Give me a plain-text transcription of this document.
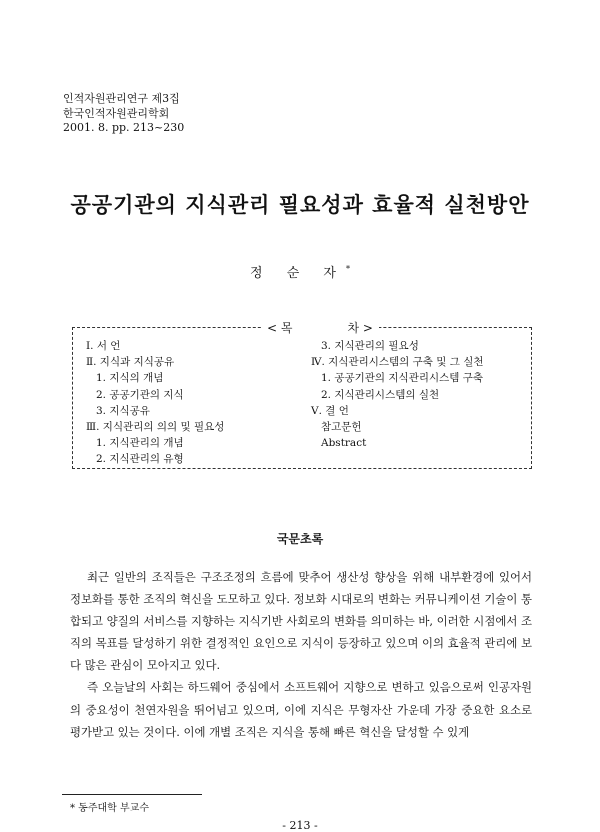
인적자원관리연구 제3집
한국인적자원관리학회
2001. 8. pp. 213~230
공공기관의 지식관리 필요성과 효율적 실천방안
정 순 자*
< 목	차 >
Ⅰ. 서 언
Ⅱ. 지식과 지식공유
1. 지식의 개념
2. 공공기관의 지식
3. 지식공유
Ⅲ. 지식관리의 의의 및 필요성
1. 지식관리의 개념
2. 지식관리의 유형
3. 지식관리의 필요성
Ⅳ. 지식관리시스템의 구축 및 그 실천
1. 공공기관의 지식관리시스템 구축
2. 지식관리시스템의 실천
Ⅴ. 결 언
참고문헌
Abstract
국문초록

최근 일반의 조직들은 구조조정의 흐름에 맞추어 생산성 향상을 위해 내부환경에 있어서 정보화를 통한 조직의 혁신을 도모하고 있다. 정보화 시대로의 변화는 커뮤니케이션 기술이 통합되고 양질의 서비스를 지향하는 지식기반 사회로의 변화를 의미하는 바, 이러한 시점에서 조직의 목표를 달성하기 위한 결정적인 요인으로 지식이 등장하고 있으며 이의 효율적 관리에 보다 많은 관심이 모아지고 있다.

즉 오늘날의 사회는 하드웨어 중심에서 소프트웨어 지향으로 변하고 있음으로써 인공자원의 중요성이 천연자원을 뛰어넘고 있으며, 이에 지식은 무형자산 가운데 가장 중요한 요소로 평가받고 있는 것이다. 이에 개별 조직은 지식을 통해 빠른 혁신을 달성할 수 있게

* 동주대학 부교수
- 213 -
